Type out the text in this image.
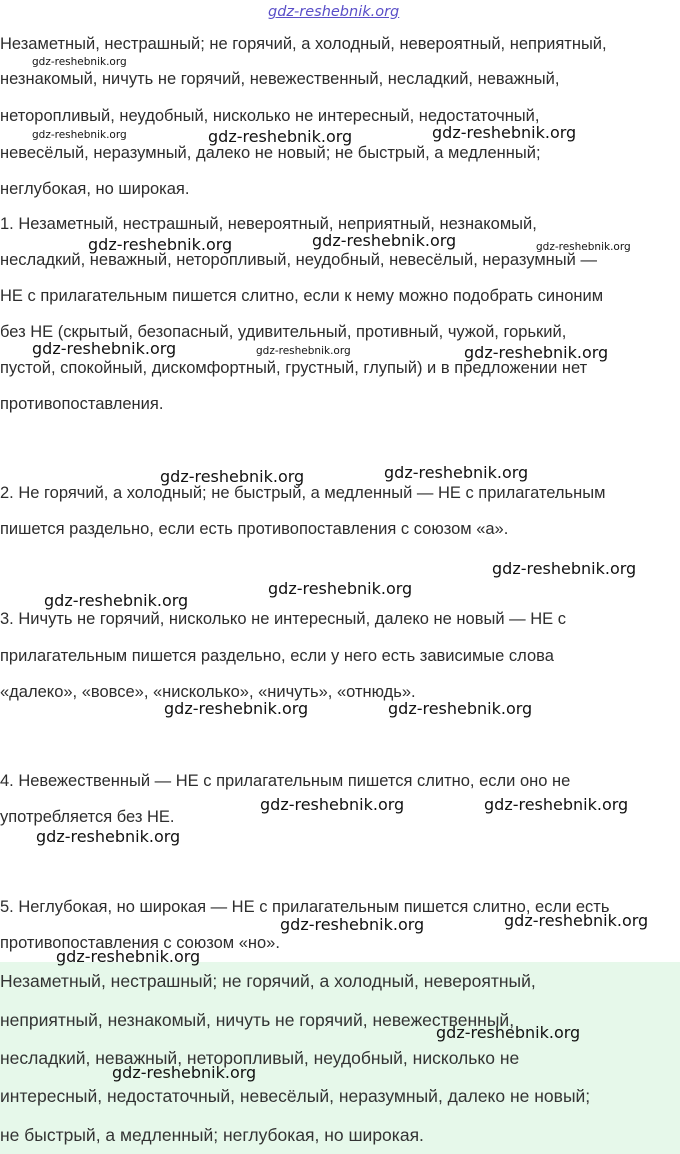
gdz-reshebnik.org
Незаметный, нестрашный; не горячий, а холодный, невероятный, неприятный,
незнакомый, ничуть не горячий, невежественный, несладкий, неважный,
неторопливый, неудобный, нисколько не интересный, недостаточный,
невесёлый, неразумный, далеко не новый; не быстрый, а медленный;
неглубокая, но широкая.
1. Незаметный, нестрашный, невероятный, неприятный, незнакомый,
несладкий, неважный, неторопливый, неудобный, невесёлый, неразумный —
НЕ с прилагательным пишется слитно, если к нему можно подобрать синоним
без НЕ (скрытый, безопасный, удивительный, противный, чужой, горький,
пустой, спокойный, дискомфортный, грустный, глупый) и в предложении нет
противопоставления.
2. Не горячий, а холодный; не быстрый, а медленный — НЕ с прилагательным
пишется раздельно, если есть противопоставления с союзом «а».
3. Ничуть не горячий, нисколько не интересный, далеко не новый — НЕ с
прилагательным пишется раздельно, если у него есть зависимые слова
«далеко», «вовсе», «нисколько», «ничуть», «отнюдь».
4. Невежественный — НЕ с прилагательным пишется слитно, если оно не
употребляется без НЕ.
5. Неглубокая, но широкая — НЕ с прилагательным пишется слитно, если есть
противопоставления с союзом «но».
Незаметный, нестрашный; не горячий, а холодный, невероятный,
неприятный, незнакомый, ничуть не горячий, невежественный,
несладкий, неважный, неторопливый, неудобный, нисколько не
интересный, недостаточный, невесёлый, неразумный, далеко не новый;
не быстрый, а медленный; неглубокая, но широкая.
gdz-reshebnik.org
gdz-reshebnik.org	gdz-reshebnik.org	gdz-reshebnik.org
gdz-reshebnik.org	gdz-reshebnik.org	gdz-reshebnik.org
gdz-reshebnik.org	gdz-reshebnik.org	gdz-reshebnik.org
gdz-reshebnik.org	gdz-reshebnik.org
gdz-reshebnik.org
gdz-reshebnik.org
gdz-reshebnik.org
gdz-reshebnik.org	gdz-reshebnik.org
gdz-reshebnik.org	gdz-reshebnik.org
gdz-reshebnik.org
gdz-reshebnik.org
gdz-reshebnik.org
gdz-reshebnik.org
gdz-reshebnik.org
gdz-reshebnik.org
